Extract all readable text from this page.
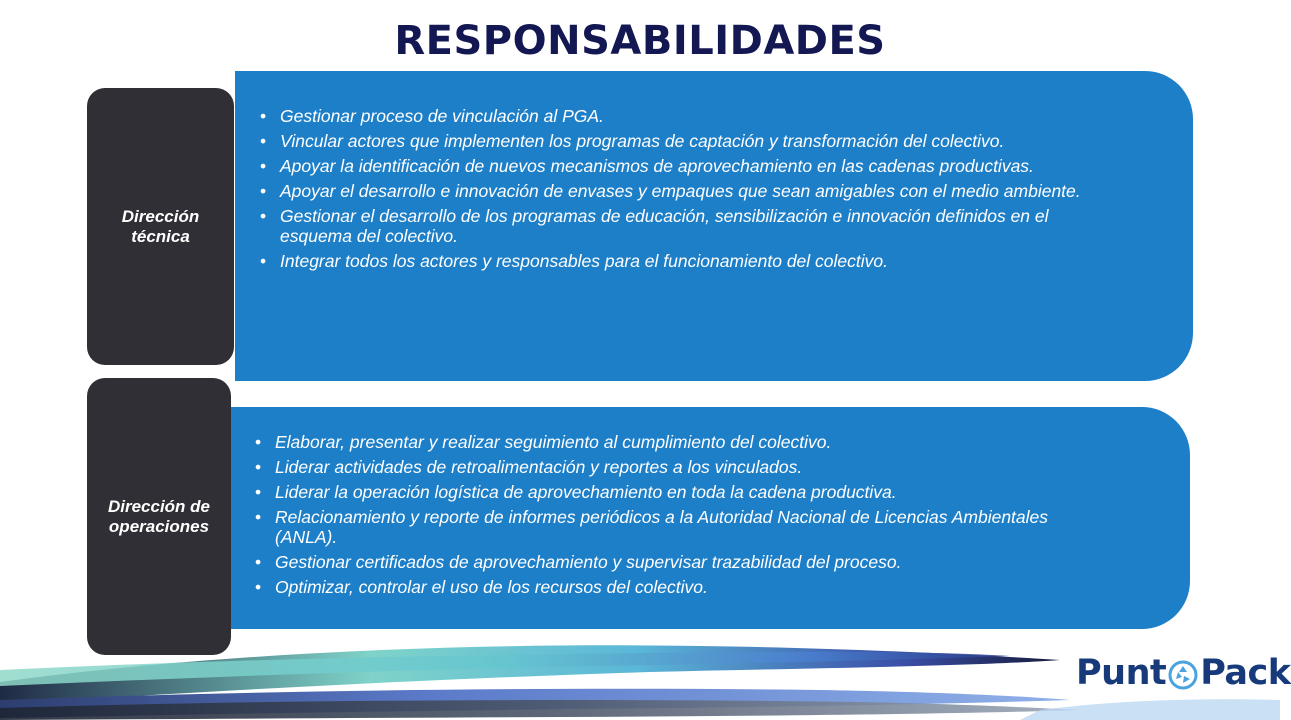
RESPONSABILIDADES
Dirección técnica
• Gestionar proceso de vinculación al PGA.
• Vincular actores que implementen los programas de captación y transformación del colectivo.
• Apoyar la identificación de nuevos mecanismos de aprovechamiento en las cadenas productivas.
• Apoyar el desarrollo e innovación de envases y empaques que sean amigables con el medio ambiente.
• Gestionar el desarrollo de los programas de educación, sensibilización e innovación definidos en el esquema del colectivo.
• Integrar todos los actores y responsables para el funcionamiento del colectivo.
Dirección de operaciones
• Elaborar, presentar y realizar seguimiento al cumplimiento del colectivo.
• Liderar actividades de retroalimentación y reportes a los vinculados.
• Liderar la operación logística de aprovechamiento en toda la cadena productiva.
• Relacionamiento y reporte de informes periódicos a la Autoridad Nacional de Licencias Ambientales (ANLA).
• Gestionar certificados de aprovechamiento y supervisar trazabilidad del proceso.
• Optimizar, controlar el uso de los recursos del colectivo.
Punt Pack
